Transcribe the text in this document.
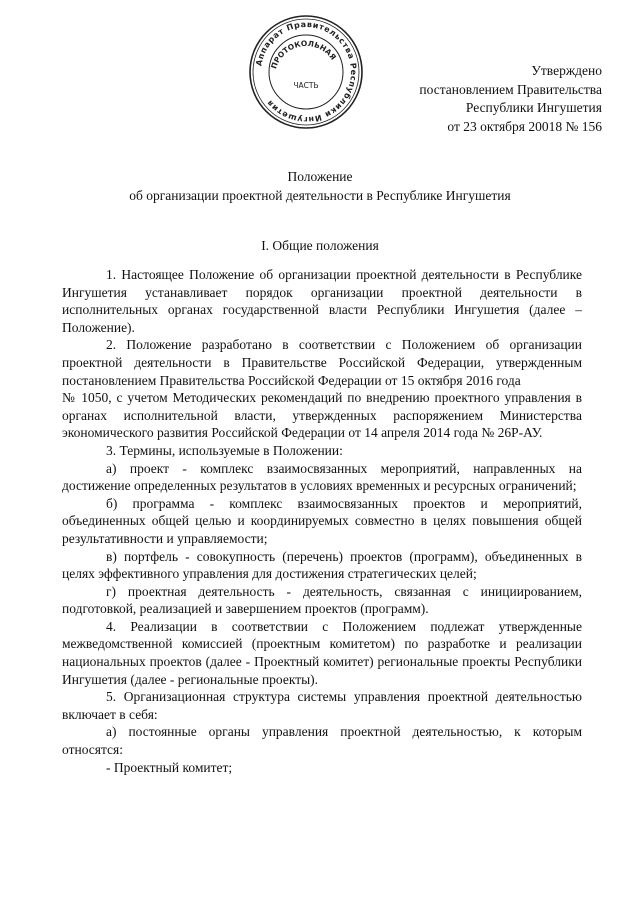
Аппарат Правительства Республики Ингушетия
ПРОТОКОЛЬНАЯ
ЧАСТЬ
Утверждено
постановлением Правительства
Республики Ингушетия
от 23 октября 20018 № 156
Положение
об организации проектной деятельности в Республике Ингушетия
I. Общие положения

1. Настоящее Положение об организации проектной деятельности в Республике Ингушетия устанавливает порядок организации проектной деятельности в исполнительных органах государственной власти Республики Ингушетия (далее – Положение).

2. Положение разработано в соответствии с Положением об организации проектной деятельности в Правительстве Российской Федерации, утвержденным постановлением Правительства Российской Федерации от 15 октября 2016 года

№ 1050, с учетом Методических рекомендаций по внедрению проектного управления в органах исполнительной власти, утвержденных распоряжением Министерства экономического развития Российской Федерации от 14 апреля 2014 года № 26Р-АУ.

3. Термины, используемые в Положении:

а) проект - комплекс взаимосвязанных мероприятий, направленных на достижение определенных результатов в условиях временных и ресурсных ограничений;

б) программа - комплекс взаимосвязанных проектов и мероприятий, объединенных общей целью и координируемых совместно в целях повышения общей результативности и управляемости;

в) портфель - совокупность (перечень) проектов (программ), объединенных в целях эффективного управления для достижения стратегических целей;

г) проектная деятельность - деятельность, связанная с инициированием, подготовкой, реализацией и завершением проектов (программ).

4. Реализации в соответствии с Положением подлежат утвержденные межведомственной комиссией (проектным комитетом) по разработке и реализации национальных проектов (далее - Проектный комитет) региональные проекты Республики Ингушетия (далее - региональные проекты).

5. Организационная структура системы управления проектной деятельностью включает в себя:

а) постоянные органы управления проектной деятельностью, к которым относятся:

- Проектный комитет;
